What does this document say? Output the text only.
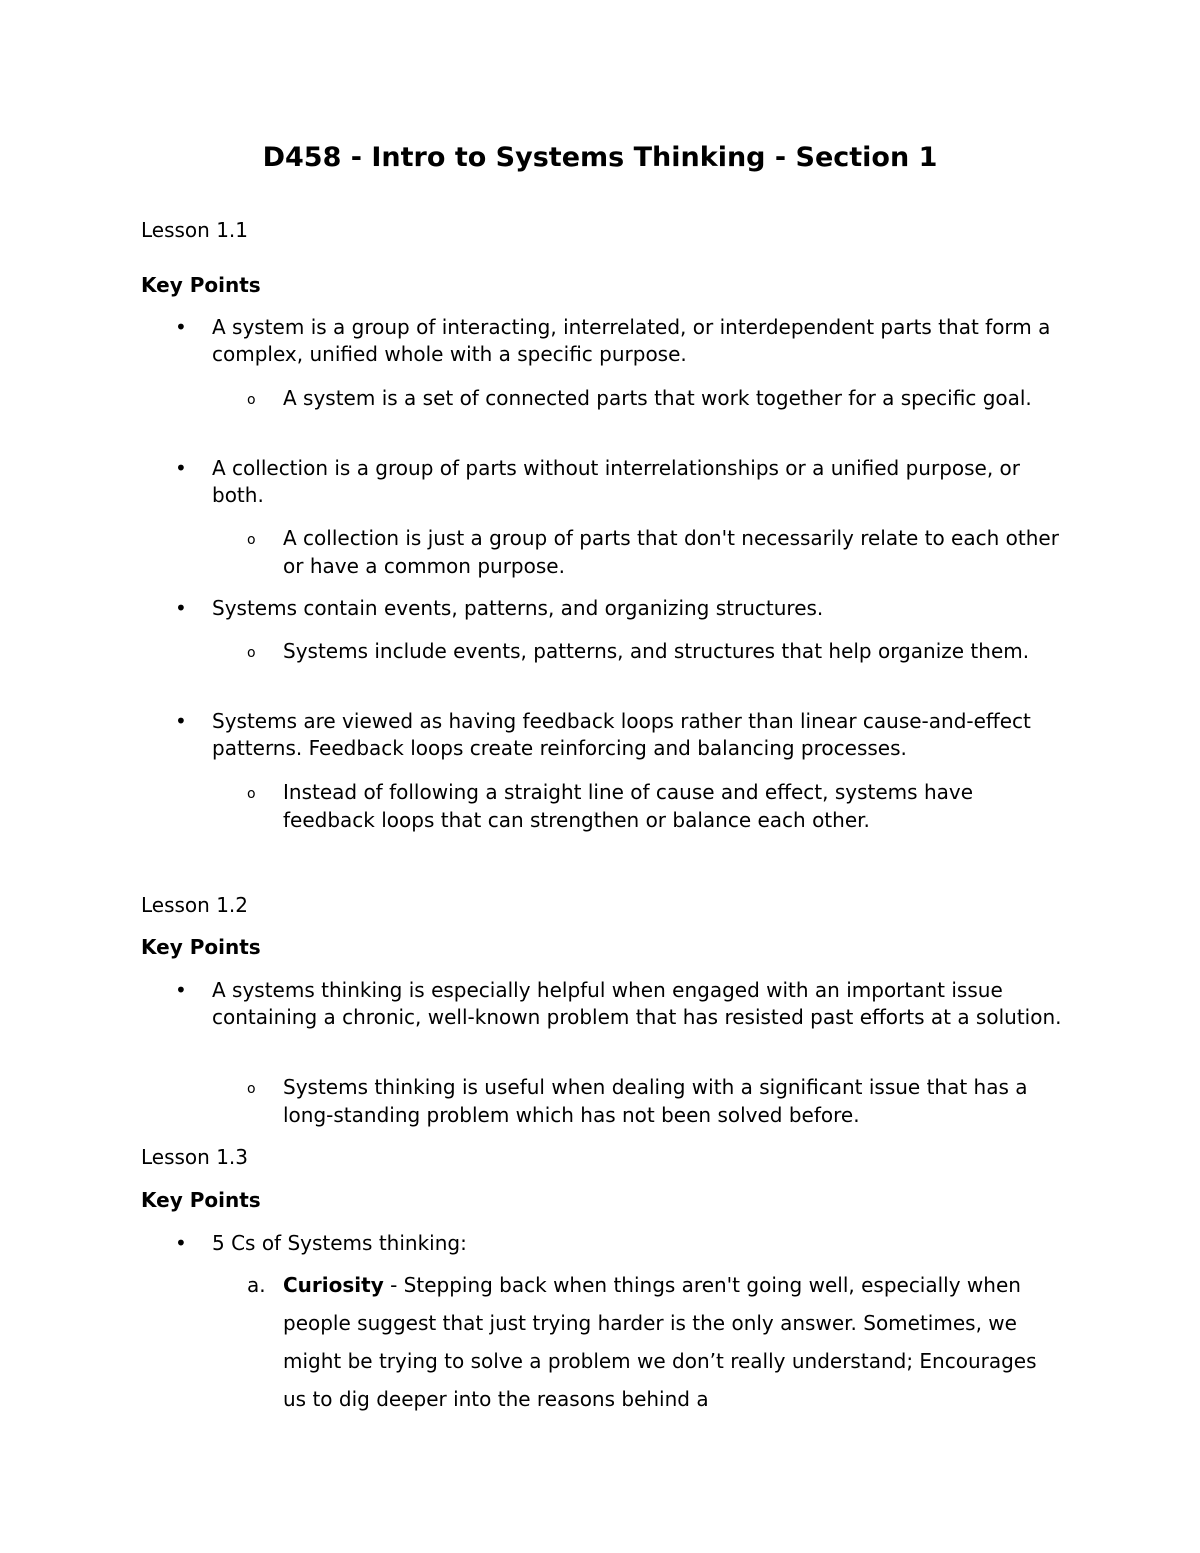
D458 - Intro to Systems Thinking - Section 1

Lesson 1.1

Key Points

• A system is a group of interacting, interrelated, or interdependent parts that form a complex, unified whole with a specific purpose.

o A system is a set of connected parts that work together for a specific goal.

• A collection is a group of parts without interrelationships or a unified purpose, or both.

o A collection is just a group of parts that don't necessarily relate to each other or have a common purpose.

• Systems contain events, patterns, and organizing structures.

o Systems include events, patterns, and structures that help organize them.

• Systems are viewed as having feedback loops rather than linear cause-and-effect patterns. Feedback loops create reinforcing and balancing processes.

o Instead of following a straight line of cause and effect, systems have feedback loops that can strengthen or balance each other.

Lesson 1.2

Key Points

• A systems thinking is especially helpful when engaged with an important issue containing a chronic, well-known problem that has resisted past efforts at a solution.

o Systems thinking is useful when dealing with a significant issue that has a long-standing problem which has not been solved before.

Lesson 1.3

Key Points

• 5 Cs of Systems thinking:

a. Curiosity - Stepping back when things aren't going well, especially when people suggest that just trying harder is the only answer. Sometimes, we might be trying to solve a problem we don’t really understand; Encourages us to dig deeper into the reasons behind a
